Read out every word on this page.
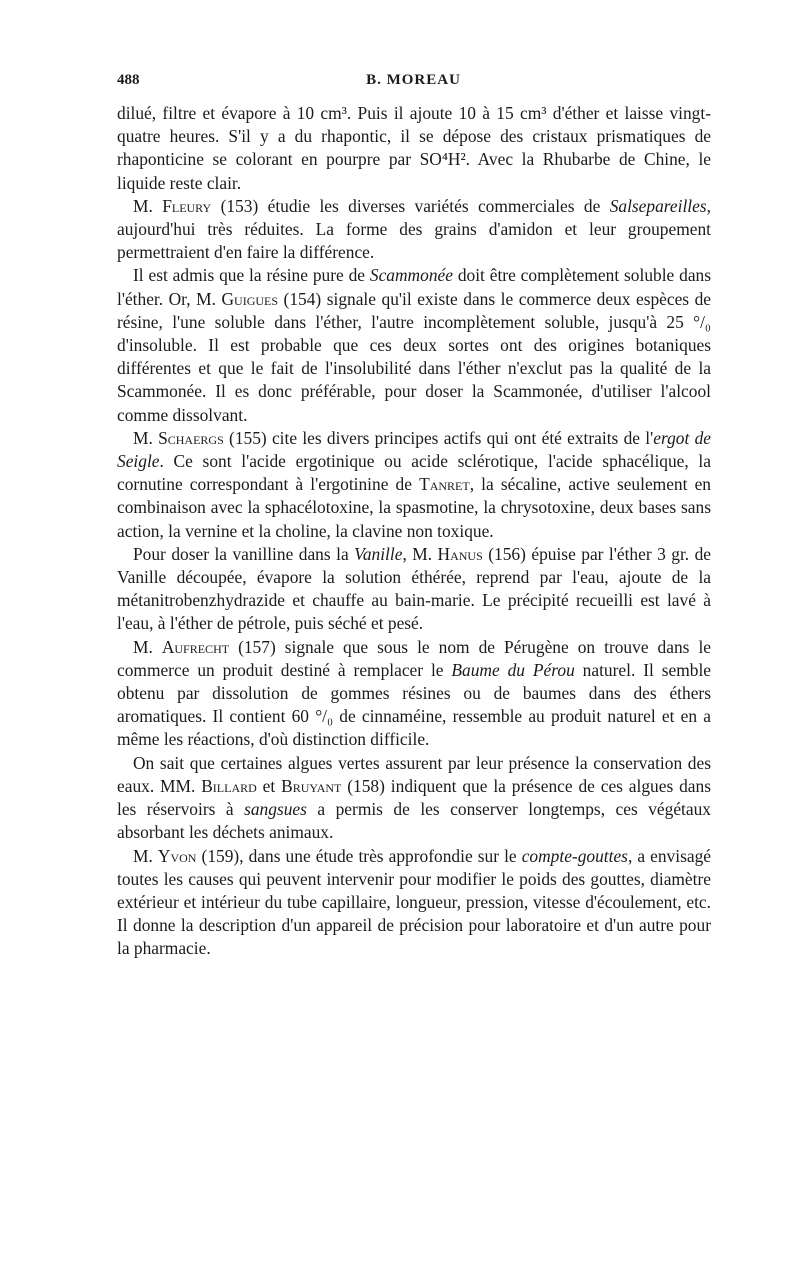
488	B. MOREAU

dilué, filtre et évapore à 10 cm³. Puis il ajoute 10 à 15 cm³ d'éther et laisse vingt-quatre heures. S'il y a du rhapontic, il se dépose des cristaux prismatiques de rhaponticine se colorant en pourpre par SO⁴H². Avec la Rhubarbe de Chine, le liquide reste clair.

M. Fleury (153) étudie les diverses variétés commerciales de Salsepareilles, aujourd'hui très réduites. La forme des grains d'amidon et leur groupement permettraient d'en faire la différence.

Il est admis que la résine pure de Scammonée doit être complètement soluble dans l'éther. Or, M. Guigues (154) signale qu'il existe dans le commerce deux espèces de résine, l'une soluble dans l'éther, l'autre incomplètement soluble, jusqu'à 25 °/₀ d'insoluble. Il est probable que ces deux sortes ont des origines botaniques différentes et que le fait de l'insolubilité dans l'éther n'exclut pas la qualité de la Scammonée. Il es donc préférable, pour doser la Scammonée, d'utiliser l'alcool comme dissolvant.

M. Schaergs (155) cite les divers principes actifs qui ont été extraits de l'ergot de Seigle. Ce sont l'acide ergotinique ou acide sclérotique, l'acide sphacélique, la cornutine correspondant à l'ergotinine de Tanret, la sécaline, active seulement en combinaison avec la sphacélotoxine, la spasmotine, la chrysotoxine, deux bases sans action, la vernine et la choline, la clavine non toxique.

Pour doser la vanilline dans la Vanille, M. Hanus (156) épuise par l'éther 3 gr. de Vanille découpée, évapore la solution éthérée, reprend par l'eau, ajoute de la métanitrobenzhydrazide et chauffe au bain-marie. Le précipité recueilli est lavé à l'eau, à l'éther de pétrole, puis séché et pesé.

M. Aufrecht (157) signale que sous le nom de Pérugène on trouve dans le commerce un produit destiné à remplacer le Baume du Pérou naturel. Il semble obtenu par dissolution de gommes résines ou de baumes dans des éthers aromatiques. Il contient 60 °/₀ de cinnaméine, ressemble au produit naturel et en a même les réactions, d'où distinction difficile.

On sait que certaines algues vertes assurent par leur présence la conservation des eaux. MM. Billard et Bruyant (158) indiquent que la présence de ces algues dans les réservoirs à sangsues a permis de les conserver longtemps, ces végétaux absorbant les déchets animaux.

M. Yvon (159), dans une étude très approfondie sur le compte-gouttes, a envisagé toutes les causes qui peuvent intervenir pour modifier le poids des gouttes, diamètre extérieur et intérieur du tube capillaire, longueur, pression, vitesse d'écoulement, etc. Il donne la description d'un appareil de précision pour laboratoire et d'un autre pour la pharmacie.
